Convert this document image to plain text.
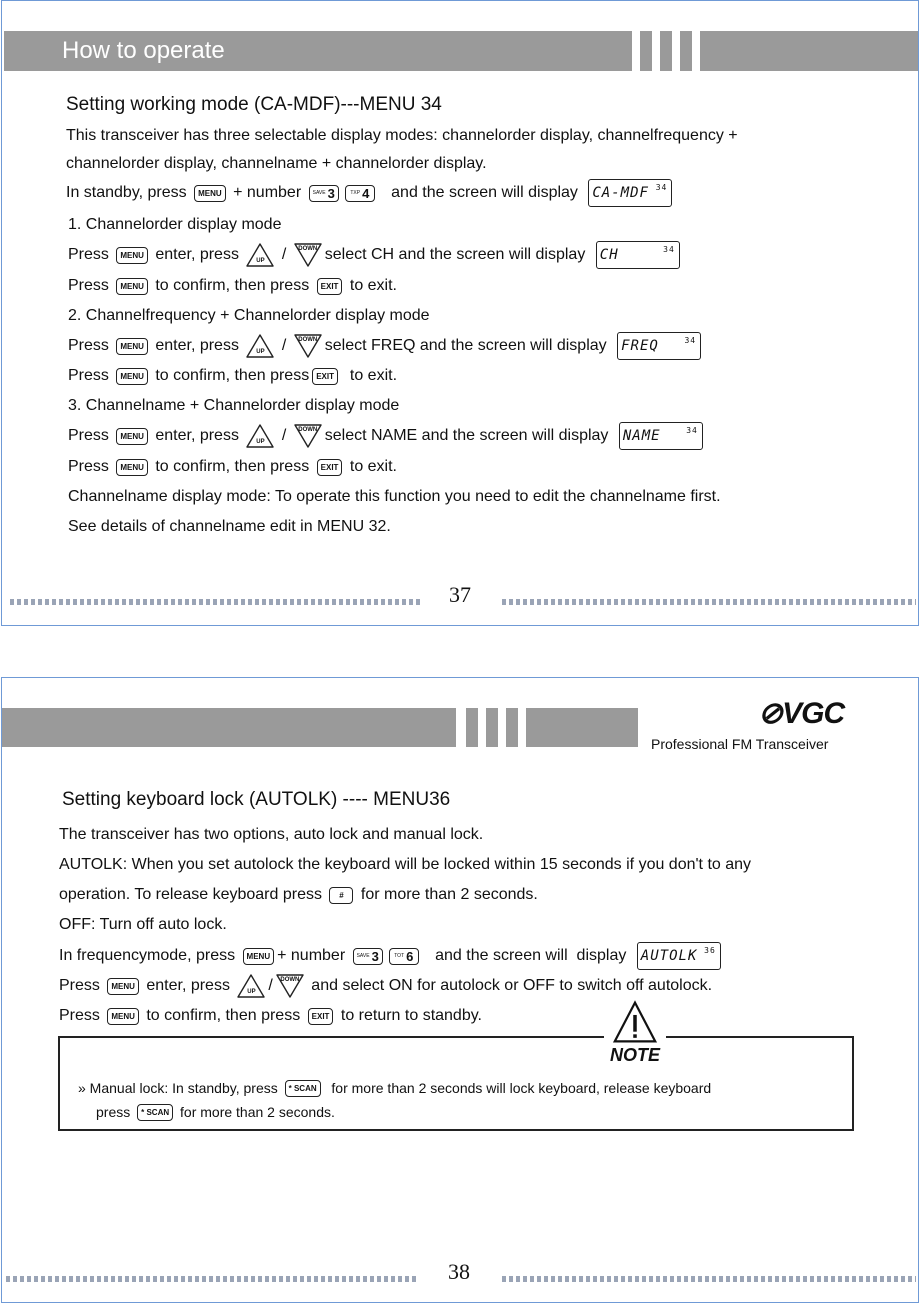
How to operate
Setting working mode (CA-MDF)---MENU 34
This transceiver has three selectable display modes: channelorder display, channelfrequency +
channelorder display, channelname + channelorder display.
In standby, press MENU + number SAVE 3	TXP 4 and the screen will display CA-MDF $^{34}$
1. Channelorder display mode
Press MENU enter, press	UP /	DOWN select CH and the screen will display CH	$^{34}$
Press MENU to confirm, then press EXIT to exit.
2. Channelfrequency + Channelorder display mode
Press MENU enter, press	UP /	DOWN select FREQ and the screen will display FREQ	$^{34}$
Press MENU to confirm, then press EXIT to exit.
3. Channelname + Channelorder display mode
Press MENU enter, press	UP /	DOWN select NAME and the screen will display NAME	$^{34}$
Press MENU to confirm, then press EXIT to exit.
Channelname display mode: To operate this function you need to edit the channelname first.
See details of channelname edit in MENU 32.
37
⊘VGC
Professional FM Transceiver
Setting keyboard lock (AUTOLK) ---- MENU36
The transceiver has two options, auto lock and manual lock.
AUTOLK: When you set autolock the keyboard will be locked within 15 seconds if you don't to any
operation. To release keyboard press # for more than 2 seconds.
OFF: Turn off auto lock.
In frequencymode, press MENU + number SAVE 3	TOT 6 and the screen will  display AUTOLK $^{36}$
Press MENU enter, press	UP /	DOWN and select ON for autolock or OFF to switch off autolock.
Press MENU to confirm, then press EXIT to return to standby.
38
» Manual lock: In standby, press * SCAN for more than 2 seconds will lock keyboard, release keyboard
press * SCAN for more than 2 seconds.
NOTE
